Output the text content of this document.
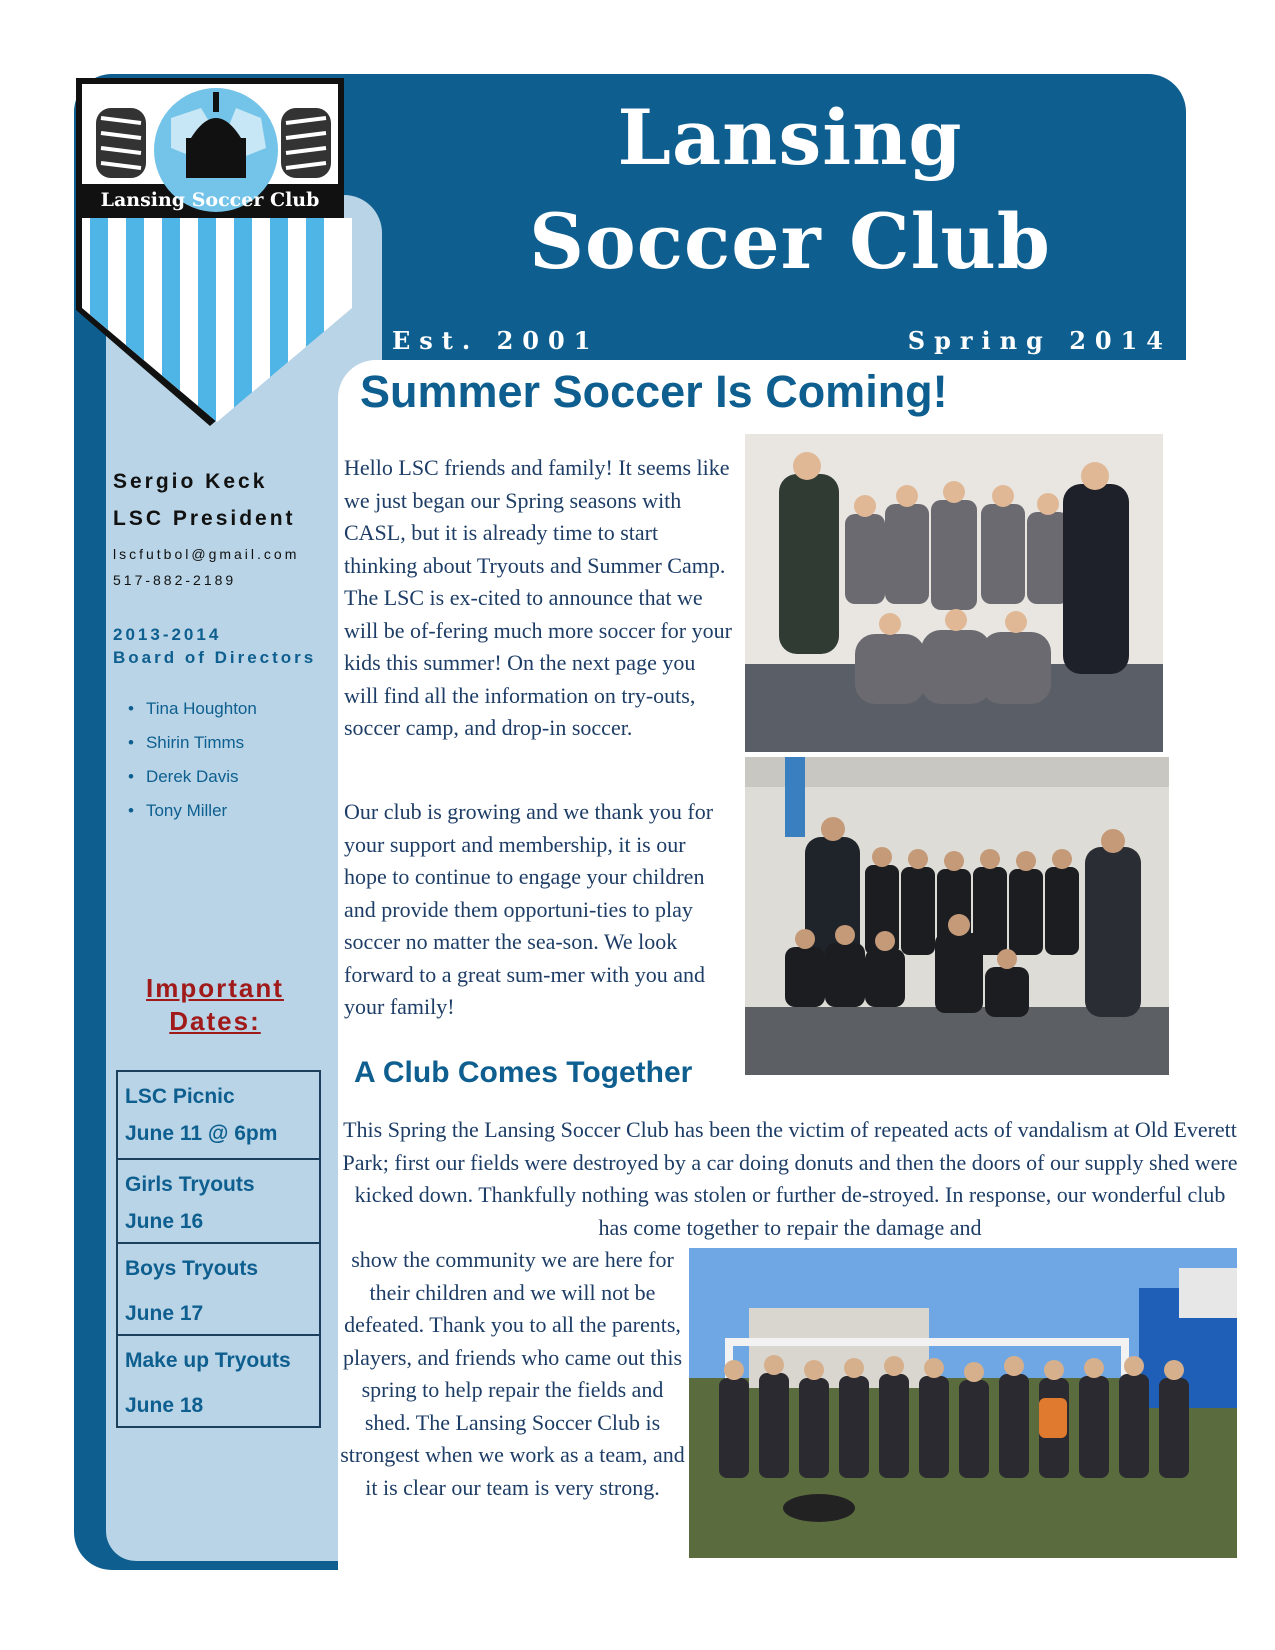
Lansing Soccer Club
Lansing
Soccer Club
Est. 2001	Spring 2014
Sergio Keck
LSC President
lscfutbol@gmail.com
517-882-2189
2013-2014
Board of Directors
• Tina Houghton
• Shirin Timms
• Derek Davis
• Tony Miller
Important
Dates:
LSC Picnic
June 11 @ 6pm
Girls Tryouts
June 16
Boys Tryouts
June 17
Make up Tryouts
June 18
Summer Soccer Is Coming!
Hello LSC friends and family! It seems like we just began our Spring seasons with CASL, but it is already time to start thinking about Tryouts and Summer Camp. The LSC is ex-cited to announce that we will be of-fering much more soccer for your kids this summer! On the next page you will find all the information on try-outs, soccer camp, and drop-in soccer.
Our club is growing and we thank you for your support and membership, it is our hope to continue to engage your children and provide them opportuni-ties to play soccer no matter the sea-son. We look forward to a great sum-mer with you and your family!
A Club Comes Together
This Spring the Lansing Soccer Club has been the victim of repeated acts of vandalism at Old Everett Park; first our fields were destroyed by a car doing donuts and then the doors of our supply shed were kicked down. Thankfully nothing was stolen or further de-stroyed. In response, our wonderful club has come together to repair the damage and
show the community we are here for their children and we will not be defeated. Thank you to all the parents, players, and friends who came out this spring to help repair the fields and shed. The Lansing Soccer Club is strongest when we work as a team, and it is clear our team is very strong.
